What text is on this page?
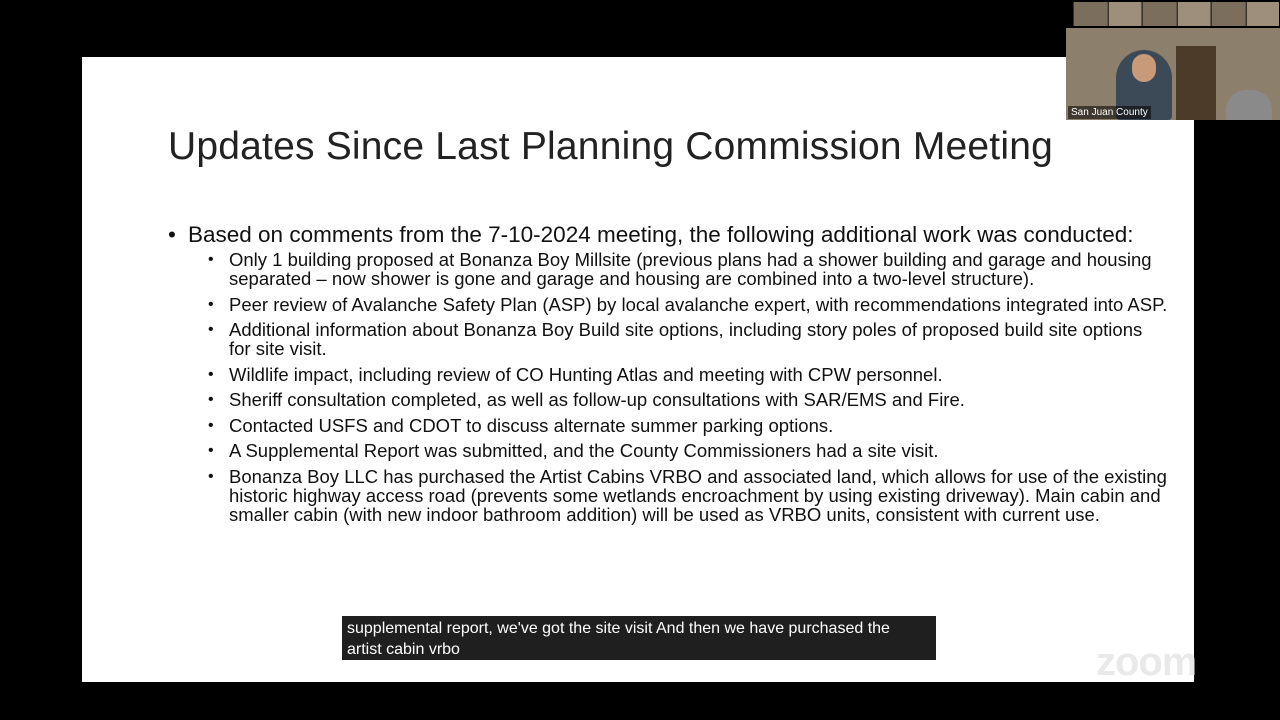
Updates Since Last Planning Commission Meeting
• Based on comments from the 7-10-2024 meeting, the following additional work was conducted:
• Only 1 building proposed at Bonanza Boy Millsite (previous plans had a shower building and garage and housing separated – now shower is gone and garage and housing are combined into a two-level structure).
• Peer review of Avalanche Safety Plan (ASP) by local avalanche expert, with recommendations integrated into ASP.
• Additional information about Bonanza Boy Build site options, including story poles of proposed build site options for site visit.
• Wildlife impact, including review of CO Hunting Atlas and meeting with CPW personnel.
• Sheriff consultation completed, as well as follow-up consultations with SAR/EMS and Fire.
• Contacted USFS and CDOT to discuss alternate summer parking options.
• A Supplemental Report was submitted, and the County Commissioners had a site visit.
• Bonanza Boy LLC has purchased the Artist Cabins VRBO and associated land, which allows for use of the existing historic highway access road (prevents some wetlands encroachment by using existing driveway). Main cabin and smaller cabin (with new indoor bathroom addition) will be used as VRBO units, consistent with current use.
supplemental report, we've got the site visit And then we have purchased the
artist cabin vrbo	zoom
San Juan County
